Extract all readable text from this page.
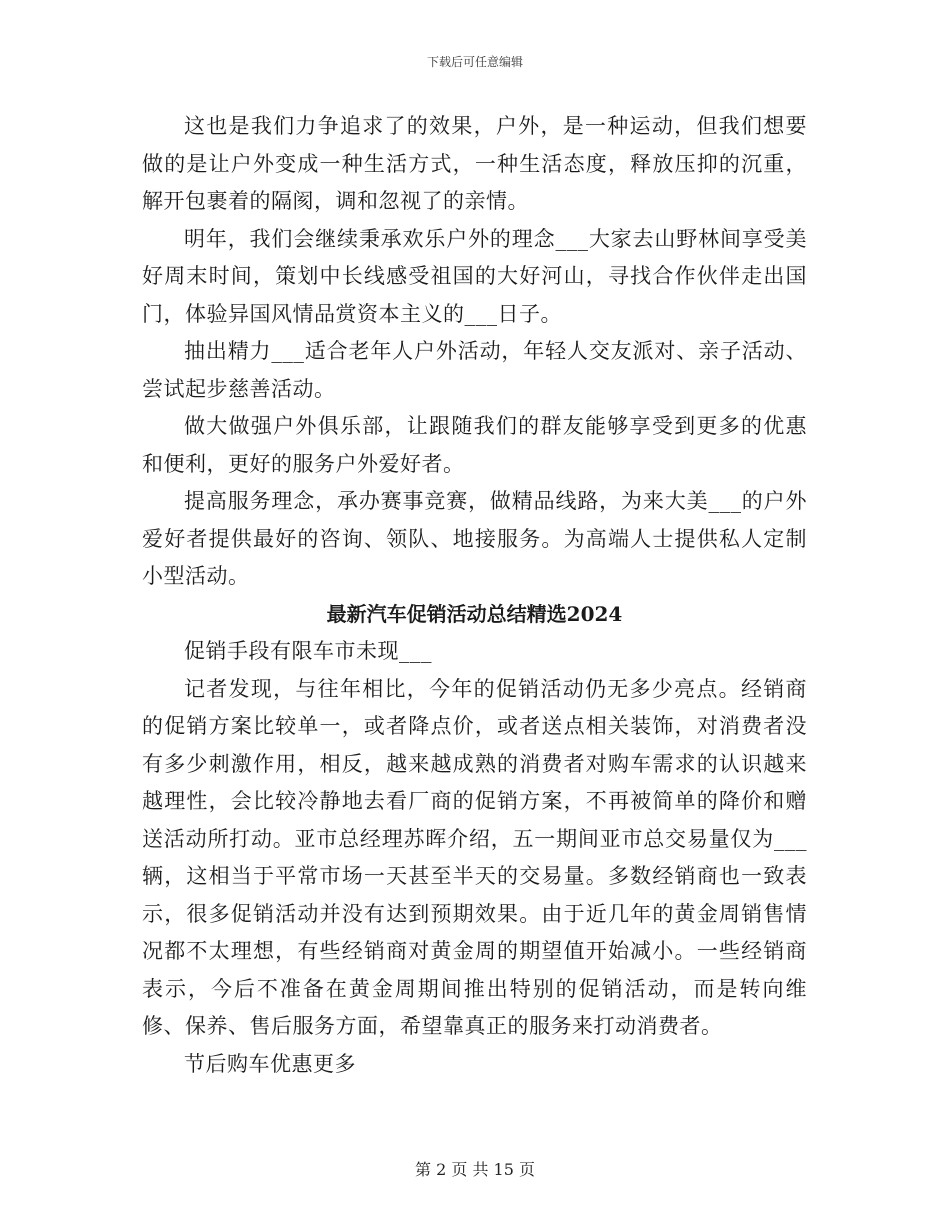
下载后可任意编辑

这也是我们力争追求了的效果，户外，是一种运动，但我们想要做的是让户外变成一种生活方式，一种生活态度，释放压抑的沉重，解开包裹着的隔阂，调和忽视了的亲情。

明年，我们会继续秉承欢乐户外的理念___大家去山野林间享受美好周末时间，策划中长线感受祖国的大好河山，寻找合作伙伴走出国门，体验异国风情品赏资本主义的___日子。

抽出精力___适合老年人户外活动，年轻人交友派对、亲子活动、尝试起步慈善活动。

做大做强户外俱乐部，让跟随我们的群友能够享受到更多的优惠和便利，更好的服务户外爱好者。

提高服务理念，承办赛事竞赛，做精品线路，为来大美___的户外爱好者提供最好的咨询、领队、地接服务。为高端人士提供私人定制小型活动。

最新汽车促销活动总结精选2024

促销手段有限车市未现___

记者发现，与往年相比，今年的促销活动仍无多少亮点。经销商的促销方案比较单一，或者降点价，或者送点相关装饰，对消费者没有多少刺激作用，相反，越来越成熟的消费者对购车需求的认识越来越理性，会比较冷静地去看厂商的促销方案，不再被简单的降价和赠送活动所打动。亚市总经理苏晖介绍，五一期间亚市总交易量仅为___辆，这相当于平常市场一天甚至半天的交易量。多数经销商也一致表示，很多促销活动并没有达到预期效果。由于近几年的黄金周销售情况都不太理想，有些经销商对黄金周的期望值开始减小。一些经销商表示，今后不准备在黄金周期间推出特别的促销活动，而是转向维修、保养、售后服务方面，希望靠真正的服务来打动消费者。

节后购车优惠更多

第 2 页 共 15 页
